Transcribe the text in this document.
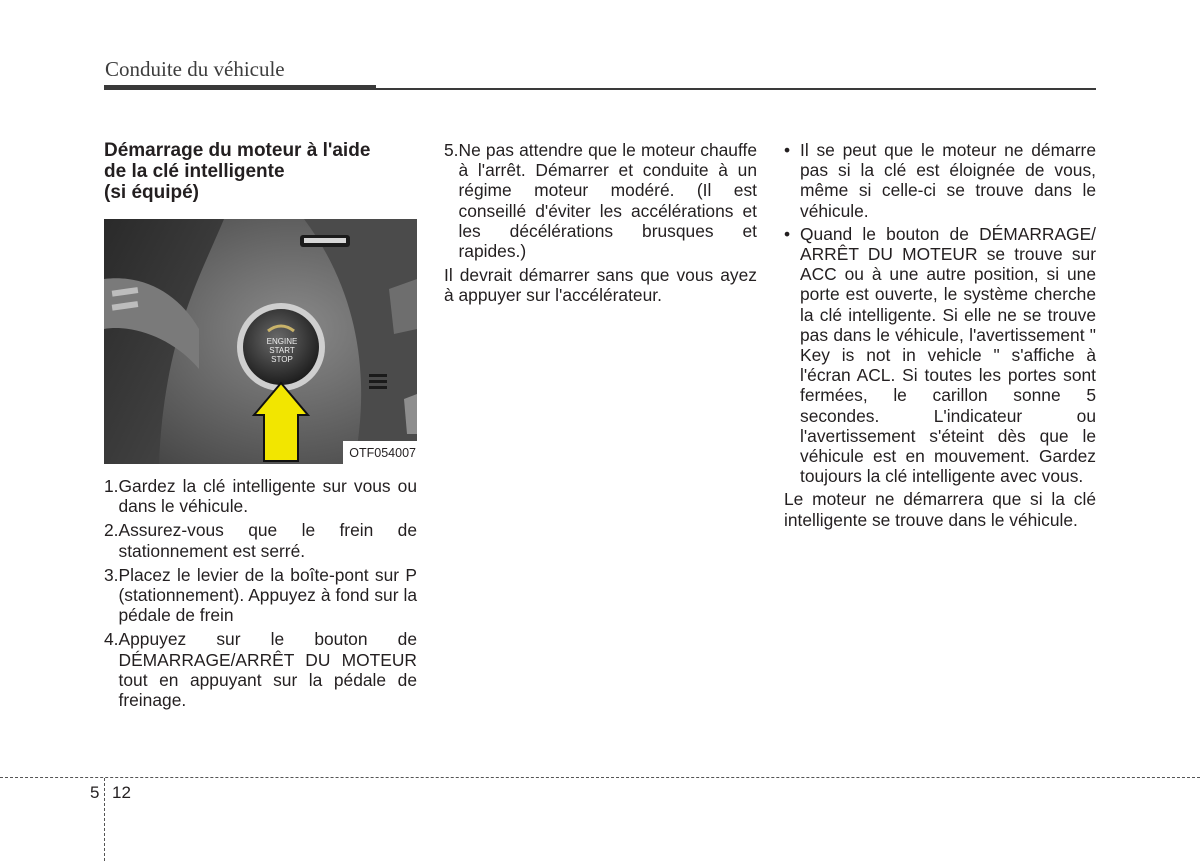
Conduite du véhicule
Démarrage du moteur à l'aide
de la clé intelligente
(si équipé)
ENGINE
START
STOP
OTF054007
1. Gardez la clé intelligente sur vous ou dans le véhicule.
2. Assurez-vous que le frein de stationnement est serré.
3. Placez le levier de la boîte-pont sur P (stationnement). Appuyez à fond sur la pédale de frein
4. Appuyez sur le bouton de DÉMARRAGE/ARRÊT DU MOTEUR tout en appuyant sur la pédale de freinage.
5. Ne pas attendre que le moteur chauffe à l'arrêt. Démarrer et conduite à un régime moteur modéré. (Il est conseillé d'éviter les accélérations et les décélérations brusques et rapides.)

Il devrait démarrer sans que vous ayez à appuyer sur l'accélérateur.

• Il se peut que le moteur ne démarre pas si la clé est éloignée de vous, même si celle-ci se trouve dans le véhicule.
• Quand le bouton de DÉMARRAGE/ ARRÊT DU MOTEUR se trouve sur ACC ou à une autre position, si une porte est ouverte, le système cherche la clé intelligente. Si elle ne se trouve pas dans le véhicule, l'avertissement " Key is not in vehicle " s'affiche à l'écran ACL. Si toutes les portes sont fermées, le carillon sonne 5 secondes. L'indicateur ou l'avertissement s'éteint dès que le véhicule est en mouvement. Gardez toujours la clé intelligente avec vous.

Le moteur ne démarrera que si la clé intelligente se trouve dans le véhicule.

5 12
